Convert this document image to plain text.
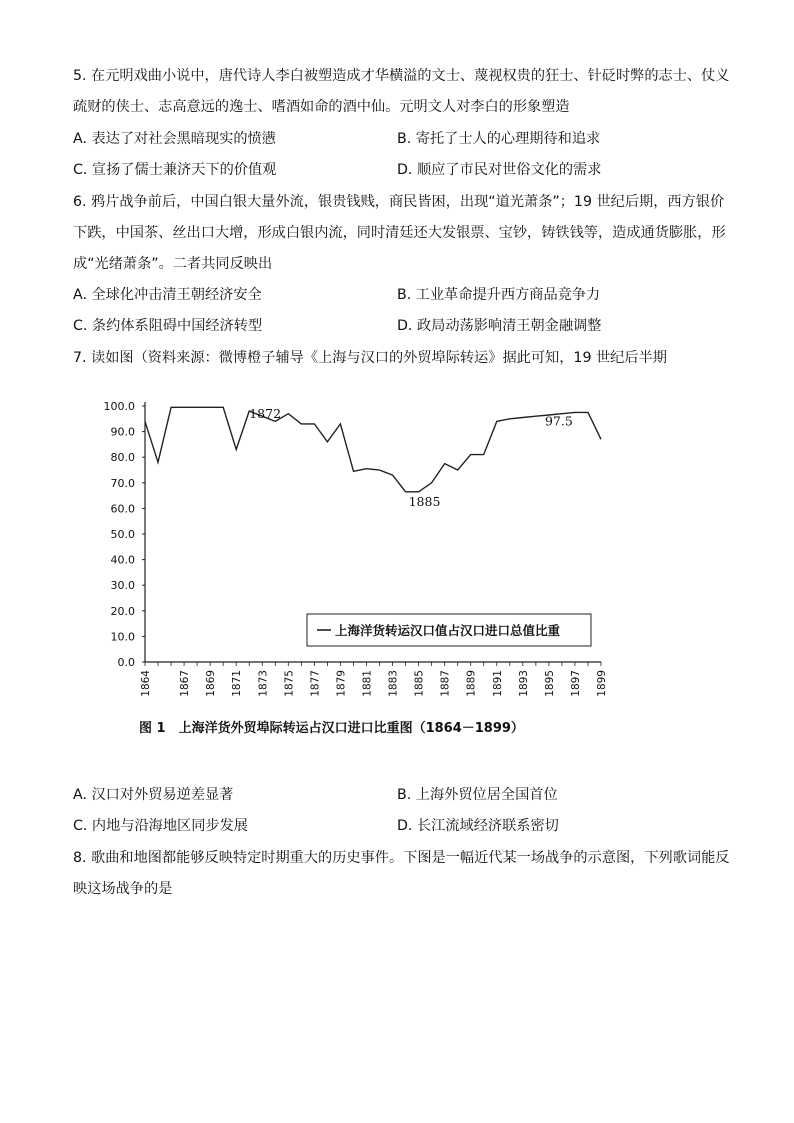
5. 在元明戏曲小说中，唐代诗人李白被塑造成才华横溢的文士、蔑视权贵的狂士、针砭时弊的志士、仗义
疏财的侠士、志高意远的逸士、嗜酒如命的酒中仙。元明文人对李白的形象塑造
A. 表达了对社会黑暗现实的愤懑	B. 寄托了士人的心理期待和追求
C. 宣扬了儒士兼济天下的价值观	D. 顺应了市民对世俗文化的需求
6. 鸦片战争前后，中国白银大量外流，银贵钱贱，商民皆困，出现“道光萧条”；19 世纪后期，西方银价
下跌，中国茶、丝出口大增，形成白银内流，同时清廷还大发银票、宝钞，铸铁钱等，造成通货膨胀，形
成“光绪萧条”。二者共同反映出
A. 全球化冲击清王朝经济安全	B. 工业革命提升西方商品竞争力
C. 条约体系阻碍中国经济转型	D. 政局动荡影响清王朝金融调整
7. 读如图（资料来源：微博橙子辅导《上海与汉口的外贸埠际转运》据此可知，19 世纪后半期
0.0
10.0
20.0
30.0
40.0
50.0
60.0
70.0
80.0
90.0
100.0
1864	1867 1869 1871 1873 1875 1877 1879 1881 1883 1885 1887 1889 1891 1893 1895 1897 1899
1872
1885
97.5
上海洋货转运汉口值占汉口进口总值比重
图 1　上海洋货外贸埠际转运占汉口进口比重图（1864－1899）
A. 汉口对外贸易逆差显著	B. 上海外贸位居全国首位
C. 内地与沿海地区同步发展	D. 长江流域经济联系密切
8. 歌曲和地图都能够反映特定时期重大的历史事件。下图是一幅近代某一场战争的示意图，下列歌词能反
映这场战争的是
